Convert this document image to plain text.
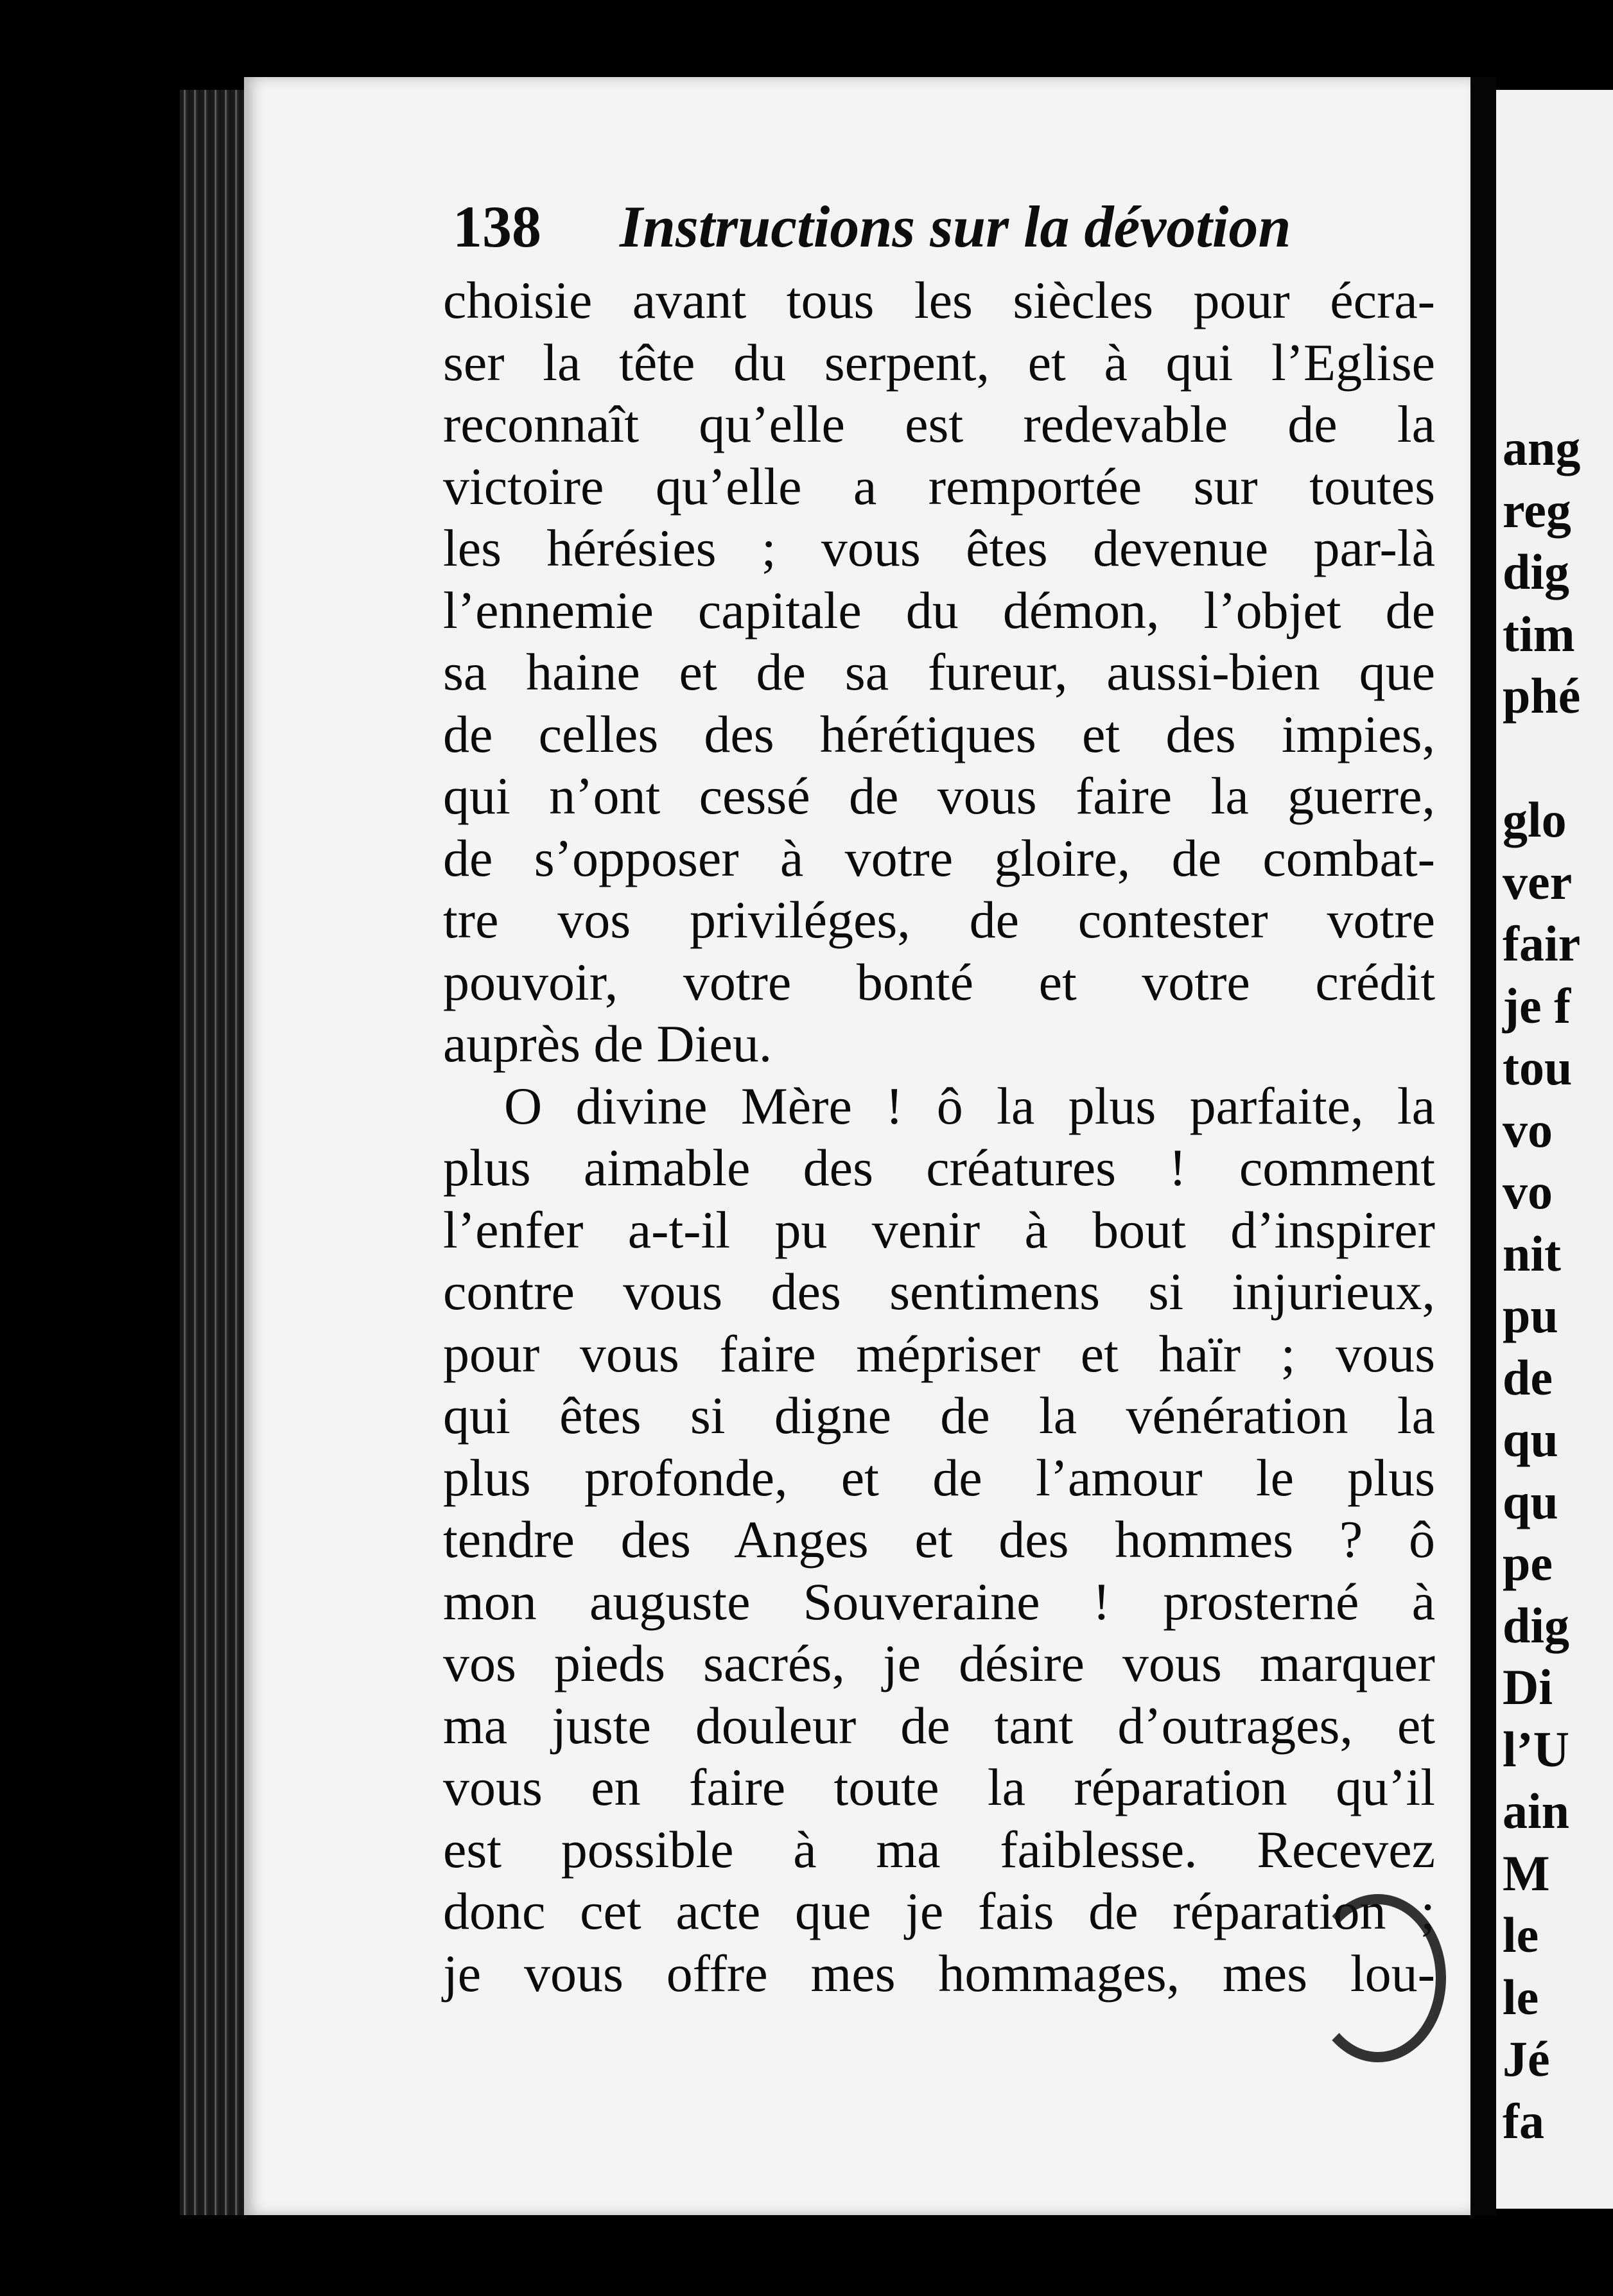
138	Instructions sur la dévotion
choisie avant tous les siècles pour écra-
ser la tête du serpent, et à qui l’Eglise
reconnaît qu’elle est redevable de la
victoire qu’elle a remportée sur toutes
les hérésies ; vous êtes devenue par-là
l’ennemie capitale du démon, l’objet de
sa haine et de sa fureur, aussi-bien que
de celles des hérétiques et des impies,
qui n’ont cessé de vous faire la guerre,
de s’opposer à votre gloire, de combat-
tre vos priviléges, de contester votre
pouvoir, votre bonté et votre crédit
auprès de Dieu.
O divine Mère ! ô la plus parfaite, la
plus aimable des créatures ! comment
l’enfer a-t-il pu venir à bout d’inspirer
contre vous des sentimens si injurieux,
pour vous faire mépriser et haïr ; vous
qui êtes si digne de la vénération la
plus profonde, et de l’amour le plus
tendre des Anges et des hommes ? ô
mon auguste Souveraine ! prosterné à
vos pieds sacrés, je désire vous marquer
ma juste douleur de tant d’outrages, et
vous en faire toute la réparation qu’il
est possible à ma faiblesse. Recevez
donc cet acte que je fais de réparation ;
je vous offre mes hommages, mes lou-
ang
reg
dig
tim
phé

glo
ver
fair
je f
tou
vo
vo
nit
pu
de
qu
qu
pe
dig
Di
l’U
ain
M
le
le
Jé
fa
